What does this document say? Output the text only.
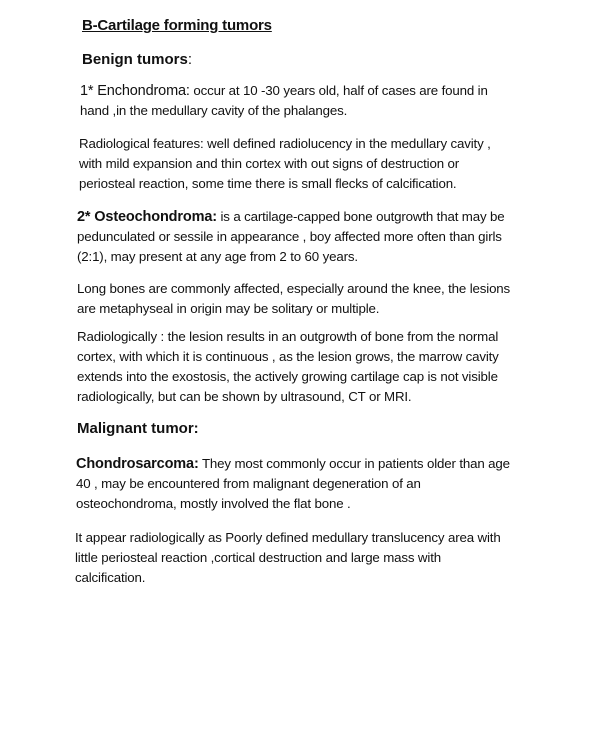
B-Cartilage forming tumors
Benign tumors:
1* Enchondroma: occur at 10 -30 years old, half of cases are found in
hand ,in the medullary cavity of the phalanges.
Radiological features: well defined radiolucency in the medullary cavity ,
with mild expansion and thin cortex with out signs of destruction or
periosteal reaction, some time there is small flecks of calcification.
2* Osteochondroma: is a cartilage-capped bone outgrowth that may be
pedunculated or sessile in appearance , boy affected more often than girls
(2:1), may present at any age from 2 to 60 years.
Long bones are commonly affected, especially around the knee, the lesions
are metaphyseal in origin may be solitary or multiple.
Radiologically : the lesion results in an outgrowth of bone from the normal
cortex, with which it is continuous , as the lesion grows, the marrow cavity
extends into the exostosis, the actively growing cartilage cap is not visible
radiologically, but can be shown by ultrasound, CT or MRI.
Malignant tumor:
Chondrosarcoma: They most commonly occur in patients older than age
40 , may be encountered from malignant degeneration of an
osteochondroma, mostly involved the flat bone .
It appear radiologically as Poorly defined medullary translucency area with
little periosteal reaction ,cortical destruction and large mass with
calcification.
